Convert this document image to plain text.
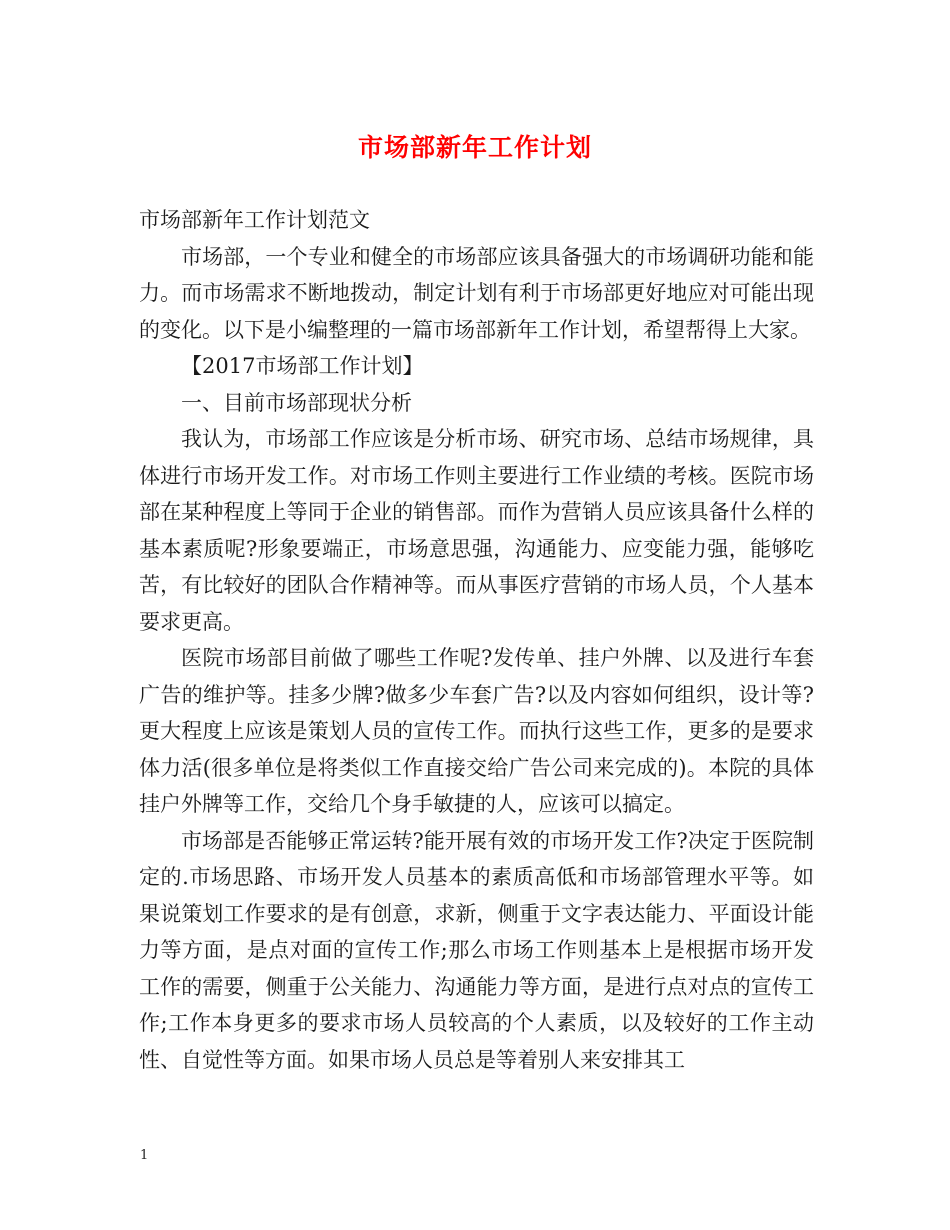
市场部新年工作计划

市场部新年工作计划范文

市场部，一个专业和健全的市场部应该具备强大的市场调研功能和能力。而市场需求不断地拨动，制定计划有利于市场部更好地应对可能出现的变化。以下是小编整理的一篇市场部新年工作计划，希望帮得上大家。

【2017市场部工作计划】

一、目前市场部现状分析

我认为，市场部工作应该是分析市场、研究市场、总结市场规律，具体进行市场开发工作。对市场工作则主要进行工作业绩的考核。医院市场部在某种程度上等同于企业的销售部。而作为营销人员应该具备什么样的基本素质呢?形象要端正，市场意思强，沟通能力、应变能力强，能够吃苦，有比较好的团队合作精神等。而从事医疗营销的市场人员，个人基本要求更高。

医院市场部目前做了哪些工作呢?发传单、挂户外牌、以及进行车套广告的维护等。挂多少牌?做多少车套广告?以及内容如何组织，设计等?更大程度上应该是策划人员的宣传工作。而执行这些工作，更多的是要求体力活(很多单位是将类似工作直接交给广告公司来完成的)。本院的具体挂户外牌等工作，交给几个身手敏捷的人，应该可以搞定。

市场部是否能够正常运转?能开展有效的市场开发工作?决定于医院制定的.市场思路、市场开发人员基本的素质高低和市场部管理水平等。如果说策划工作要求的是有创意，求新，侧重于文字表达能力、平面设计能力等方面，是点对面的宣传工作;那么市场工作则基本上是根据市场开发工作的需要，侧重于公关能力、沟通能力等方面，是进行点对点的宣传工作;工作本身更多的要求市场人员较高的个人素质，以及较好的工作主动性、自觉性等方面。如果市场人员总是等着别人来安排其工

1
